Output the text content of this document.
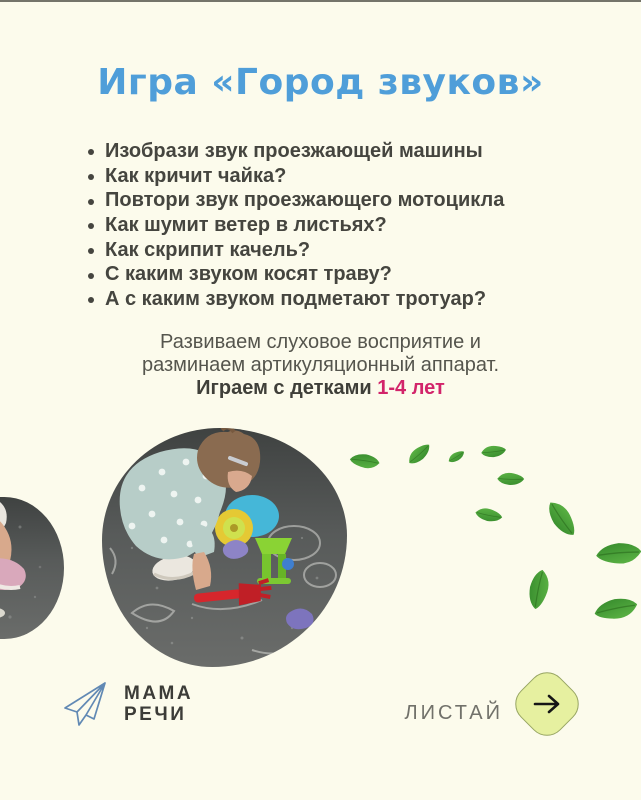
Игра «Город звуков»
Изобрази звук проезжающей машины
Как кричит чайка?
Повтори звук проезжающего мотоцикла
Как шумит ветер в листьях?
Как скрипит качель?
С каким звуком косят траву?
А с каким звуком подметают тротуар?
Развиваем слуховое восприятие и
разминаем артикуляционный аппарат.
Играем с детками 1-4 лет
МАМА
РЕЧИ	ЛИСТАЙ
